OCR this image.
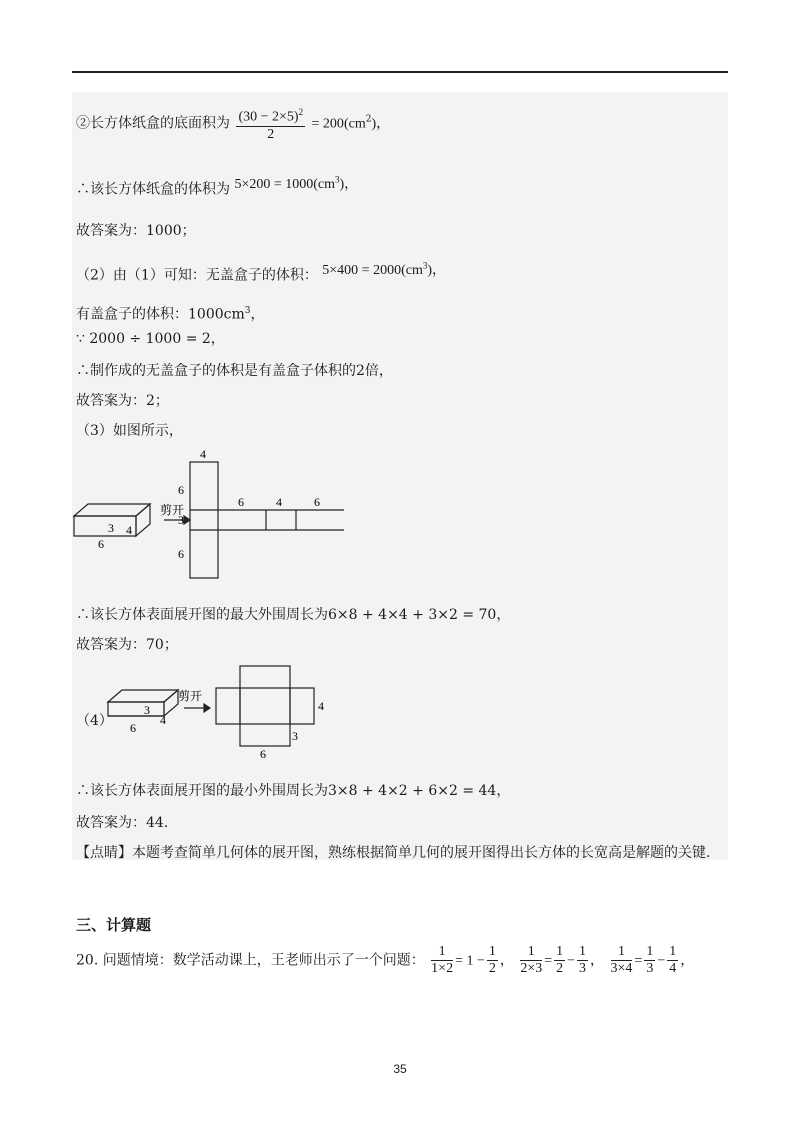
②长方体纸盒的底面积为 $\frac{(30 - 2\times 5)^2}{2} = 200(cm^2)$，
∴该长方体纸盒的体积为 $5\times 200 = 1000(cm^3)$，
故答案为：1000；
（2）由（1）可知：无盖盒子的体积： $5\times 400 = 2000(cm^3)$，
有盖盒子的体积：$1000cm^3$，
∵ 2000 ÷ 1000 = 2，
∴制作成的无盖盒子的体积是有盖盒子体积的2倍，
故答案为：2；
（3）如图所示，
6
4
3
剪开
4
6
3
6
6	4	6
∴该长方体表面展开图的最大外围周长为6×8 + 4×4 + 3×2 = 70，
故答案为：70；
（4） 6
4
3
剪开
4
3
6
∴该长方体表面展开图的最小外围周长为3×8 + 4×2 + 6×2 = 44，
故答案为：44．
【点睛】本题考查简单几何体的展开图，熟练根据简单几何的展开图得出长方体的长宽高是解题的关键.
三、计算题
20. 问题情境：数学活动课上，王老师出示了一个问题： $\frac{1}{1\times 2} = 1 - \frac{1}{2}$ ， $\frac{1}{2\times 3} = \frac{1}{2} - \frac{1}{3}$ ， $\frac{1}{3\times 4} = \frac{1}{3} - \frac{1}{4}$ ，
35
